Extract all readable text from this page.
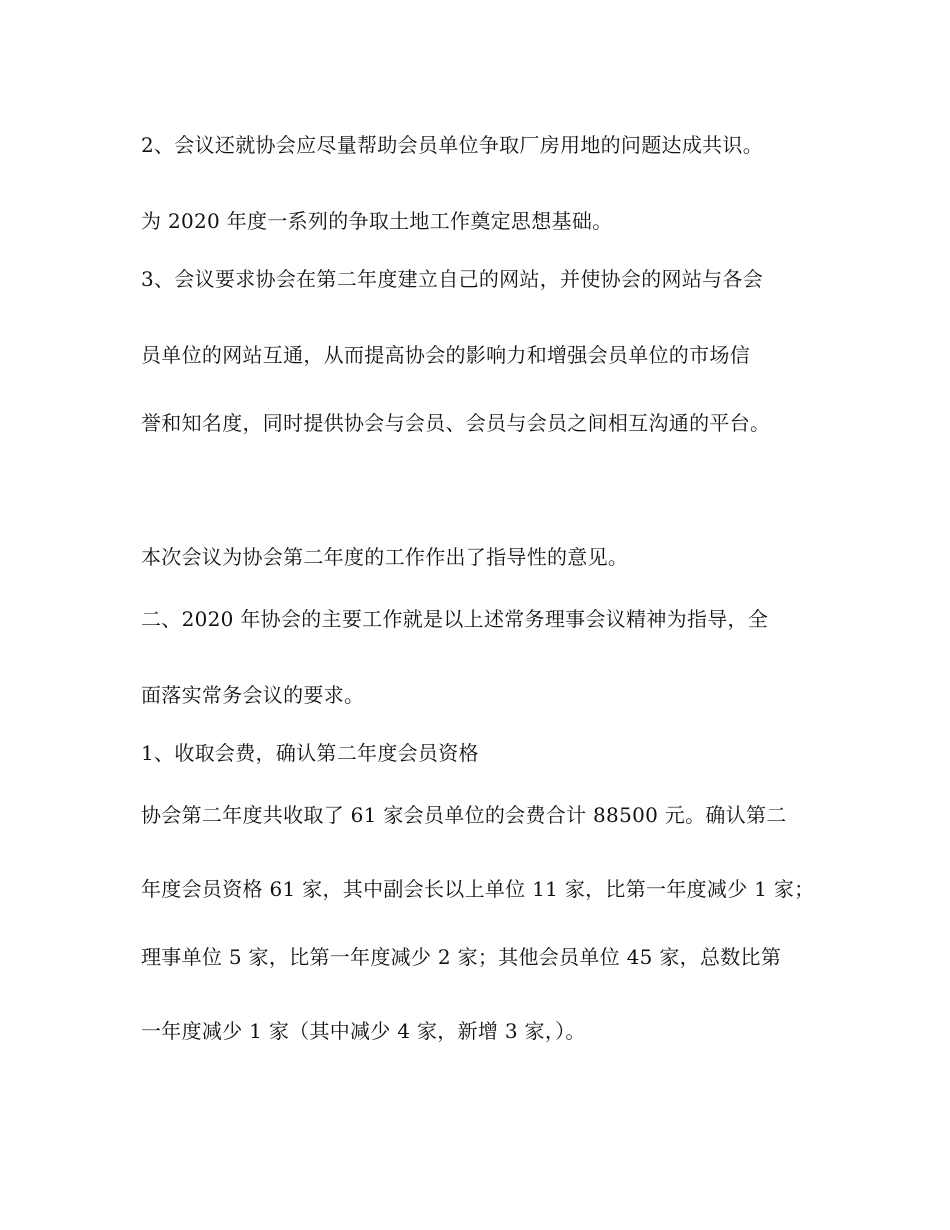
2、会议还就协会应尽量帮助会员单位争取厂房用地的问题达成共识。
为 2020 年度一系列的争取土地工作奠定思想基础。
3、会议要求协会在第二年度建立自己的网站，并使协会的网站与各会
员单位的网站互通，从而提高协会的影响力和增强会员单位的市场信
誉和知名度，同时提供协会与会员、会员与会员之间相互沟通的平台。
本次会议为协会第二年度的工作作出了指导性的意见。
二、2020 年协会的主要工作就是以上述常务理事会议精神为指导，全
面落实常务会议的要求。
1、收取会费，确认第二年度会员资格
协会第二年度共收取了 61 家会员单位的会费合计 88500 元。确认第二
年度会员资格 61 家，其中副会长以上单位 11 家，比第一年度减少 1 家；
理事单位 5 家，比第一年度减少 2 家；其他会员单位 45 家，总数比第
一年度减少 1 家（其中减少 4 家，新增 3 家，）。
